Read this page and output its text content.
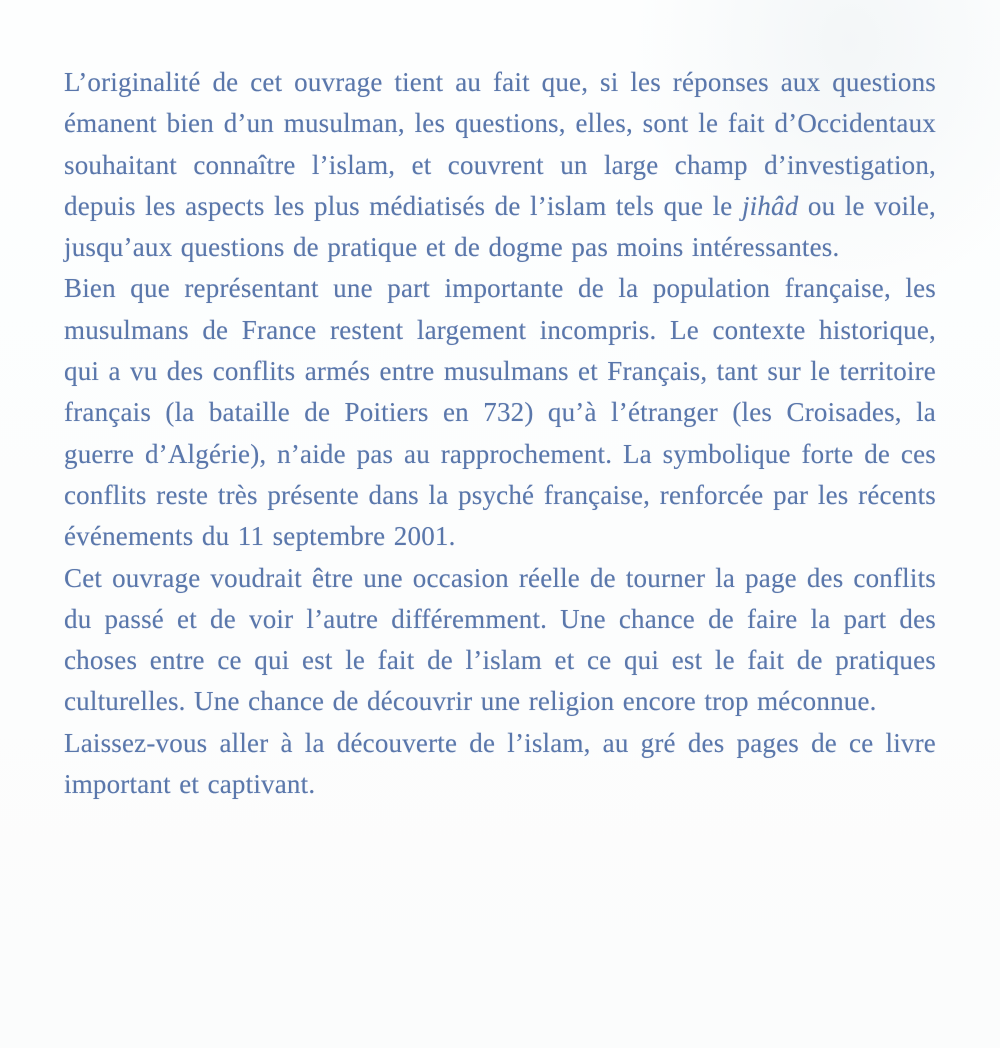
L’originalité de cet ouvrage tient au fait que, si les réponses aux questions émanent bien d’un musulman, les questions, elles, sont le fait d’Occidentaux souhaitant connaître l’islam, et couvrent un large champ d’investigation, depuis les aspects les plus médiatisés de l’islam tels que le jihâd ou le voile, jusqu’aux questions de pratique et de dogme pas moins intéressantes.

Bien que représentant une part importante de la population française, les musulmans de France restent largement incompris. Le contexte historique, qui a vu des conflits armés entre musulmans et Français, tant sur le territoire français (la bataille de Poitiers en 732) qu’à l’étranger (les Croisades, la guerre d’Algérie), n’aide pas au rapprochement. La symbolique forte de ces conflits reste très présente dans la psyché française, renforcée par les récents événements du 11 septembre 2001.

Cet ouvrage voudrait être une occasion réelle de tourner la page des conflits du passé et de voir l’autre différemment. Une chance de faire la part des choses entre ce qui est le fait de l’islam et ce qui est le fait de pratiques culturelles. Une chance de découvrir une religion encore trop méconnue.

Laissez-vous aller à la découverte de l’islam, au gré des pages de ce livre important et captivant.
